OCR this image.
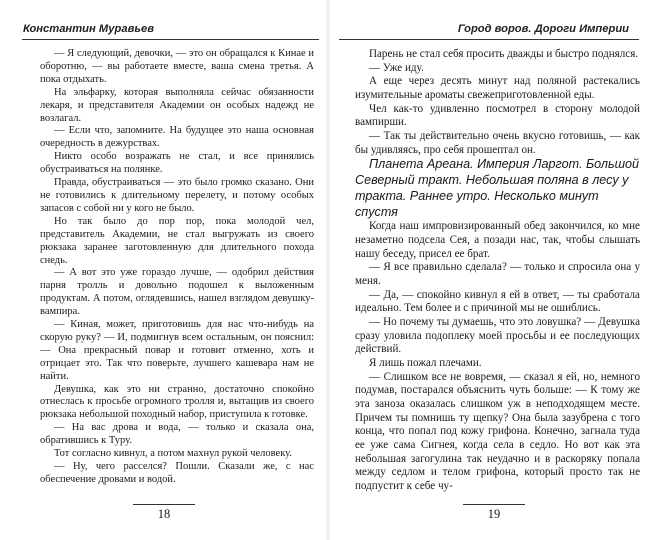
Константин Муравьев

— Я следующий, девочки, — это он обращался к Кинае и оборотню, — вы работаете вместе, ваша смена третья. А пока отдыхать.

На эльфарку, которая выполняла сейчас обязанности лекаря, и представителя Академии он особых надежд не возлагал.

— Если что, запомните. На будущее это наша основная очередность в дежурствах.

Никто особо возражать не стал, и все принялись обустраиваться на полянке.

Правда, обустраиваться — это было громко сказано. Они не готовились к длительному перелету, и потому особых запасов с собой ни у кого не было.

Но так было до пор пор, пока молодой чел, представитель Академии, не стал выгружать из своего рюкзака заранее заготовленную для длительного похода снедь.

— А вот это уже гораздо лучше, — одобрил действия парня тролль и довольно подошел к выложенным продуктам. А потом, оглядевшись, нашел взглядом девушку-вампира.

— Киная, может, приготовишь для нас что-нибудь на скорую руку? — И, подмигнув всем остальным, он пояснил: — Она прекрасный повар и готовит отменно, хоть и отрицает это. Так что поверьте, лучшего кашевара нам не найти.

Девушка, как это ни странно, достаточно спокойно отнеслась к просьбе огромного тролля и, вытащив из своего рюкзака небольшой походный набор, приступила к готовке.

— На вас дрова и вода, — только и сказала она, обратившись к Туру.

Тот согласно кивнул, а потом махнул рукой человеку.

— Ну, чего расселся? Пошли. Сказали же, с нас обеспечение дровами и водой.

18
Город воров. Дороги Империи

Парень не стал себя просить дважды и быстро поднялся.

— Уже иду.

А еще через десять минут над поляной растекались изумительные ароматы свежеприготовленной еды.

Чел как-то удивленно посмотрел в сторону молодой вампирши.

— Так ты действительно очень вкусно готовишь, — как бы удивляясь, про себя прошептал он.

Планета Ареана. Империя Ларгот. Большой Северный тракт. Небольшая поляна в лесу у тракта. Раннее утро. Несколько минут спустя

Когда наш импровизированный обед закончился, ко мне незаметно подсела Сея, а позади нас, так, чтобы слышать нашу беседу, присел ее брат.

— Я все правильно сделала? — только и спросила она у меня.

— Да, — спокойно кивнул я ей в ответ, — ты сработала идеально. Тем более и с причиной мы не ошиблись.

— Но почему ты думаешь, что это ловушка? — Девушка сразу уловила подоплеку моей просьбы и ее последующих действий.

Я лишь пожал плечами.

— Слишком все не вовремя, — сказал я ей, но, немного подумав, постарался объяснить чуть больше: — К тому же эта заноза оказалась слишком уж в неподходящем месте. Причем ты помнишь ту щепку? Она была зазубрена с того конца, что попал под кожу грифона. Конечно, загнала туда ее уже сама Сигнея, когда села в седло. Но вот как эта небольшая загогулина так неудачно и в раскоряку попала между седлом и телом грифона, который просто так не подпустит к себе чу-

19
